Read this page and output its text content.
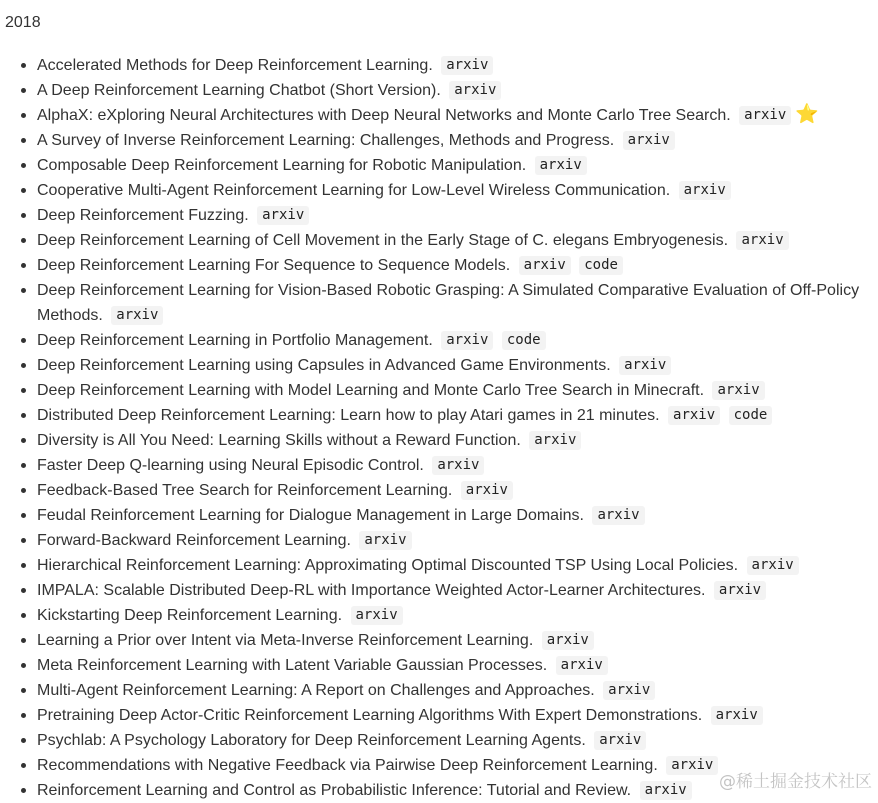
2018
Accelerated Methods for Deep Reinforcement Learning. arxiv
A Deep Reinforcement Learning Chatbot (Short Version). arxiv
AlphaX: eXploring Neural Architectures with Deep Neural Networks and Monte Carlo Tree Search. arxiv ⭐
A Survey of Inverse Reinforcement Learning: Challenges, Methods and Progress. arxiv
Composable Deep Reinforcement Learning for Robotic Manipulation. arxiv
Cooperative Multi-Agent Reinforcement Learning for Low-Level Wireless Communication. arxiv
Deep Reinforcement Fuzzing. arxiv
Deep Reinforcement Learning of Cell Movement in the Early Stage of C. elegans Embryogenesis. arxiv
Deep Reinforcement Learning For Sequence to Sequence Models. arxiv code
Deep Reinforcement Learning for Vision-Based Robotic Grasping: A Simulated Comparative Evaluation of Off-Policy Methods. arxiv
Deep Reinforcement Learning in Portfolio Management. arxiv code
Deep Reinforcement Learning using Capsules in Advanced Game Environments. arxiv
Deep Reinforcement Learning with Model Learning and Monte Carlo Tree Search in Minecraft. arxiv
Distributed Deep Reinforcement Learning: Learn how to play Atari games in 21 minutes. arxiv code
Diversity is All You Need: Learning Skills without a Reward Function. arxiv
Faster Deep Q-learning using Neural Episodic Control. arxiv
Feedback-Based Tree Search for Reinforcement Learning. arxiv
Feudal Reinforcement Learning for Dialogue Management in Large Domains. arxiv
Forward-Backward Reinforcement Learning. arxiv
Hierarchical Reinforcement Learning: Approximating Optimal Discounted TSP Using Local Policies. arxiv
IMPALA: Scalable Distributed Deep-RL with Importance Weighted Actor-Learner Architectures. arxiv
Kickstarting Deep Reinforcement Learning. arxiv
Learning a Prior over Intent via Meta-Inverse Reinforcement Learning. arxiv
Meta Reinforcement Learning with Latent Variable Gaussian Processes. arxiv
Multi-Agent Reinforcement Learning: A Report on Challenges and Approaches. arxiv
Pretraining Deep Actor-Critic Reinforcement Learning Algorithms With Expert Demonstrations. arxiv
Psychlab: A Psychology Laboratory for Deep Reinforcement Learning Agents. arxiv
Recommendations with Negative Feedback via Pairwise Deep Reinforcement Learning. arxiv
Reinforcement Learning and Control as Probabilistic Inference: Tutorial and Review. arxiv	@稀土掘金技术社区
